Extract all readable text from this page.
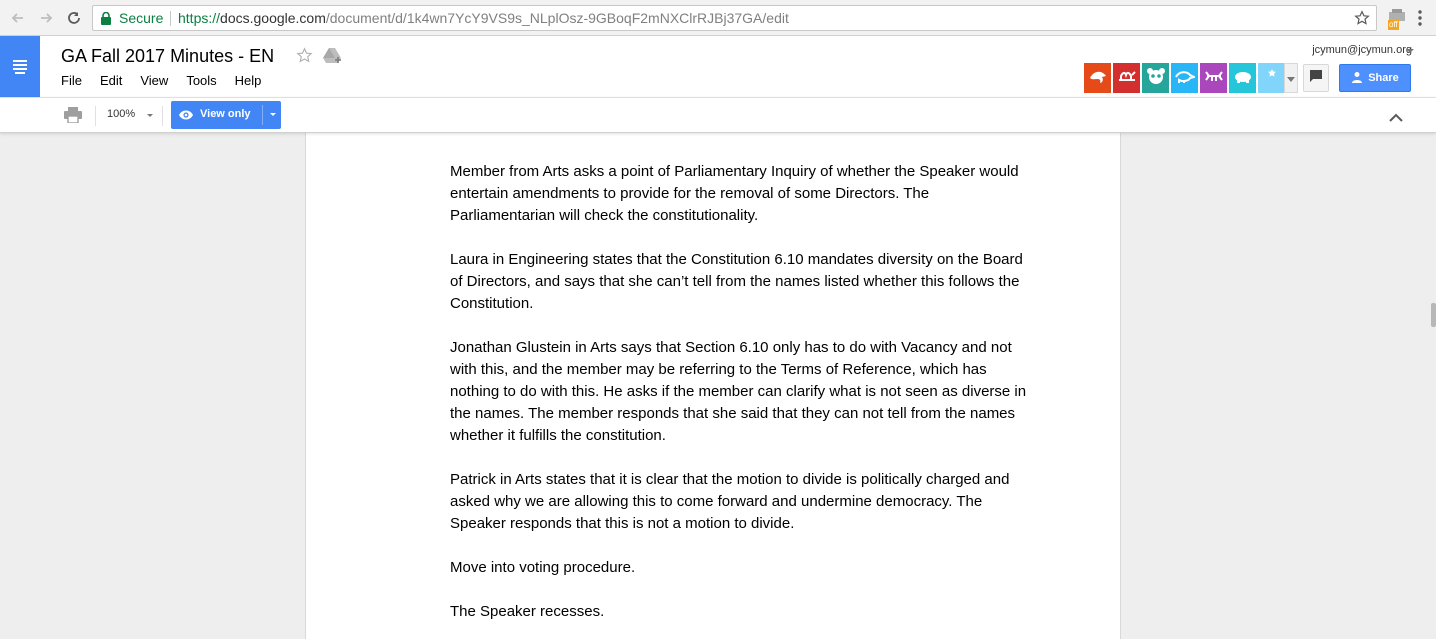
Secure https://docs.google.com/document/d/1k4wn7YcY9VS9s_NLplOsz-9GBoqF2mNXClrRJBj37GA/edit	off
GA Fall 2017 Minutes - EN
File Edit View Tools Help
jcymun@jcymun.org
Share
100%	View only

Member from Arts asks a point of Parliamentary Inquiry of whether the Speaker would entertain amendments to provide for the removal of some Directors. The Parliamentarian will check the constitutionality.

Laura in Engineering states that the Constitution 6.10 mandates diversity on the Board of Directors, and says that she can’t tell from the names listed whether this follows the Constitution.

Jonathan Glustein in Arts says that Section 6.10 only has to do with Vacancy and not with this, and the member may be referring to the Terms of Reference, which has nothing to do with this. He asks if the member can clarify what is not seen as diverse in the names. The member responds that she said that they can not tell from the names whether it fulfills the constitution.

Patrick in Arts states that it is clear that the motion to divide is politically charged and asked why we are allowing this to come forward and undermine democracy. The Speaker responds that this is not a motion to divide.

Move into voting procedure.

The Speaker recesses.
